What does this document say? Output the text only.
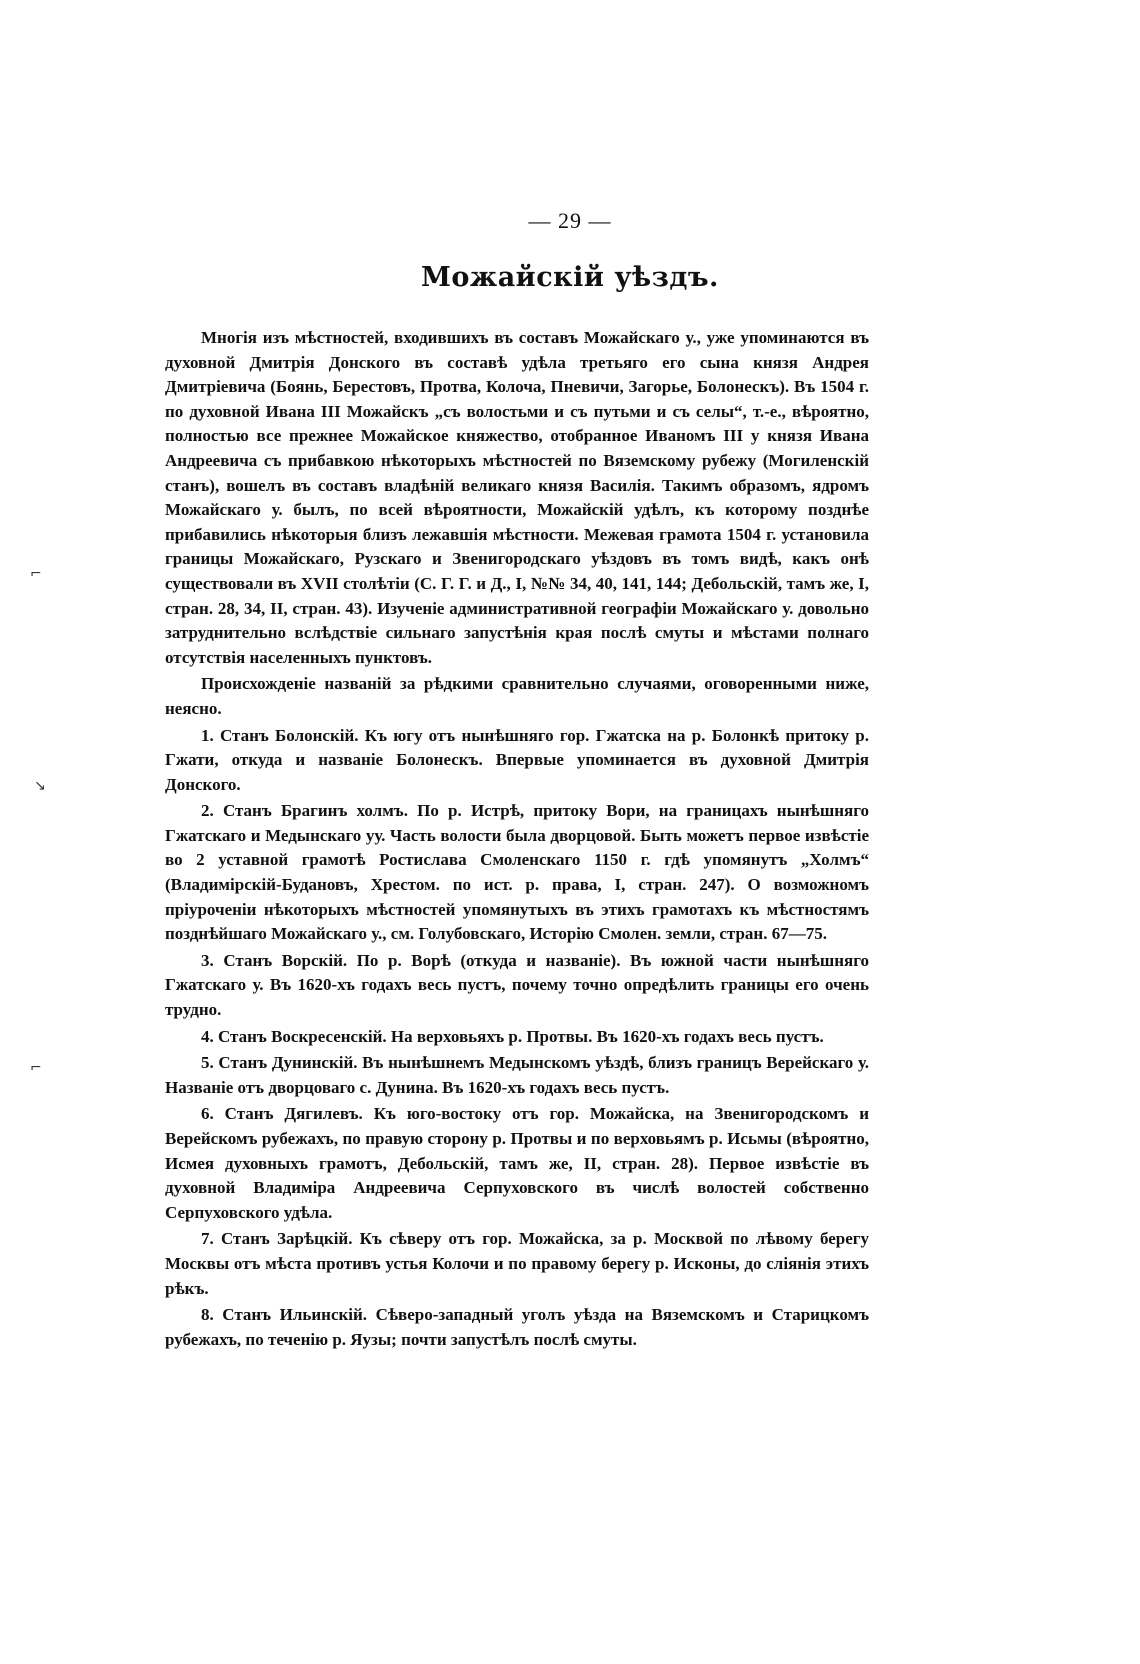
— 29 —
Можайскій уѣздъ.

Многія изъ мѣстностей, входившихъ въ составъ Можайскаго у., уже упоминаются въ духовной Дмитрія Донского въ составѣ удѣла третьяго его сына князя Андрея Дмитріевича (Боянь, Берестовъ, Протва, Колоча, Пневичи, Загорье, Болонескъ). Въ 1504 г. по духовной Ивана III Можайскъ „съ волостьми и съ путьми и съ селы“, т.-е., вѣроятно, полностью все прежнее Можайское княжество, отобранное Иваномъ III у князя Ивана Андреевича съ прибавкою нѣкоторыхъ мѣстностей по Вяземскому рубежу (Могиленскій станъ), вошелъ въ составъ владѣній великаго князя Василія. Такимъ образомъ, ядромъ Можайскаго у. былъ, по всей вѣроятности, Можайскій удѣлъ, къ которому позднѣе прибавились нѣкоторыя близъ лежавшія мѣстности. Межевая грамота 1504 г. установила границы Можайскаго, Рузскаго и Звенигородскаго уѣздовъ въ томъ видѣ, какъ онѣ существовали въ XVII столѣтіи (С. Г. Г. и Д., I, №№ 34, 40, 141, 144; Дебольскій, тамъ же, I, стран. 28, 34, II, стран. 43). Изученіе административной географіи Можайскаго у. довольно затруднительно вслѣдствіе сильнаго запустѣнія края послѣ смуты и мѣстами полнаго отсутствія населенныхъ пунктовъ.

Происхожденіе названій за рѣдкими сравнительно случаями, оговоренными ниже, неясно.

1. Станъ Болонскій. Къ югу отъ нынѣшняго гор. Гжатска на р. Болонкѣ притоку р. Гжати, откуда и названіе Болонескъ. Впервые упоминается въ духовной Дмитрія Донского.

2. Станъ Брагинъ холмъ. По р. Истрѣ, притоку Вори, на границахъ нынѣшняго Гжатскаго и Медынскаго уу. Часть волости была дворцовой. Быть можетъ первое извѣстіе во 2 уставной грамотѣ Ростислава Смоленскаго 1150 г. гдѣ упомянутъ „Холмъ“ (Владимірскій-Будановъ, Хрестом. по ист. р. права, I, стран. 247). О возможномъ пріуроченіи нѣкоторыхъ мѣстностей упомянутыхъ въ этихъ грамотахъ къ мѣстностямъ позднѣйшаго Можайскаго у., см. Голубовскаго, Исторію Смолен. земли, стран. 67—75.

3. Станъ Ворскій. По р. Ворѣ (откуда и названіе). Въ южной части нынѣшняго Гжатскаго у. Въ 1620-хъ годахъ весь пустъ, почему точно опредѣлить границы его очень трудно.

4. Станъ Воскресенскій. На верховьяхъ р. Протвы. Въ 1620-хъ годахъ весь пустъ.

5. Станъ Дунинскій. Въ нынѣшнемъ Медынскомъ уѣздѣ, близъ границъ Верейскаго у. Названіе отъ дворцоваго с. Дунина. Въ 1620-хъ годахъ весь пустъ.

6. Станъ Дягилевъ. Къ юго-востоку отъ гор. Можайска, на Звенигородскомъ и Верейскомъ рубежахъ, по правую сторону р. Протвы и по верховьямъ р. Исьмы (вѣроятно, Исмея духовныхъ грамотъ, Дебольскій, тамъ же, II, стран. 28). Первое извѣстіе въ духовной Владиміра Андреевича Серпуховского въ числѣ волостей собственно Серпуховского удѣла.

7. Станъ Зарѣцкій. Къ сѣверу отъ гор. Можайска, за р. Москвой по лѣвому берегу Москвы отъ мѣста противъ устья Колочи и по правому берегу р. Исконы, до сліянія этихъ рѣкъ.

8. Станъ Ильинскій. Сѣверо-западный уголъ уѣзда на Вяземскомъ и Старицкомъ рубежахъ, по теченію р. Яузы; почти запустѣлъ послѣ смуты.

⌐
↘
⌐
